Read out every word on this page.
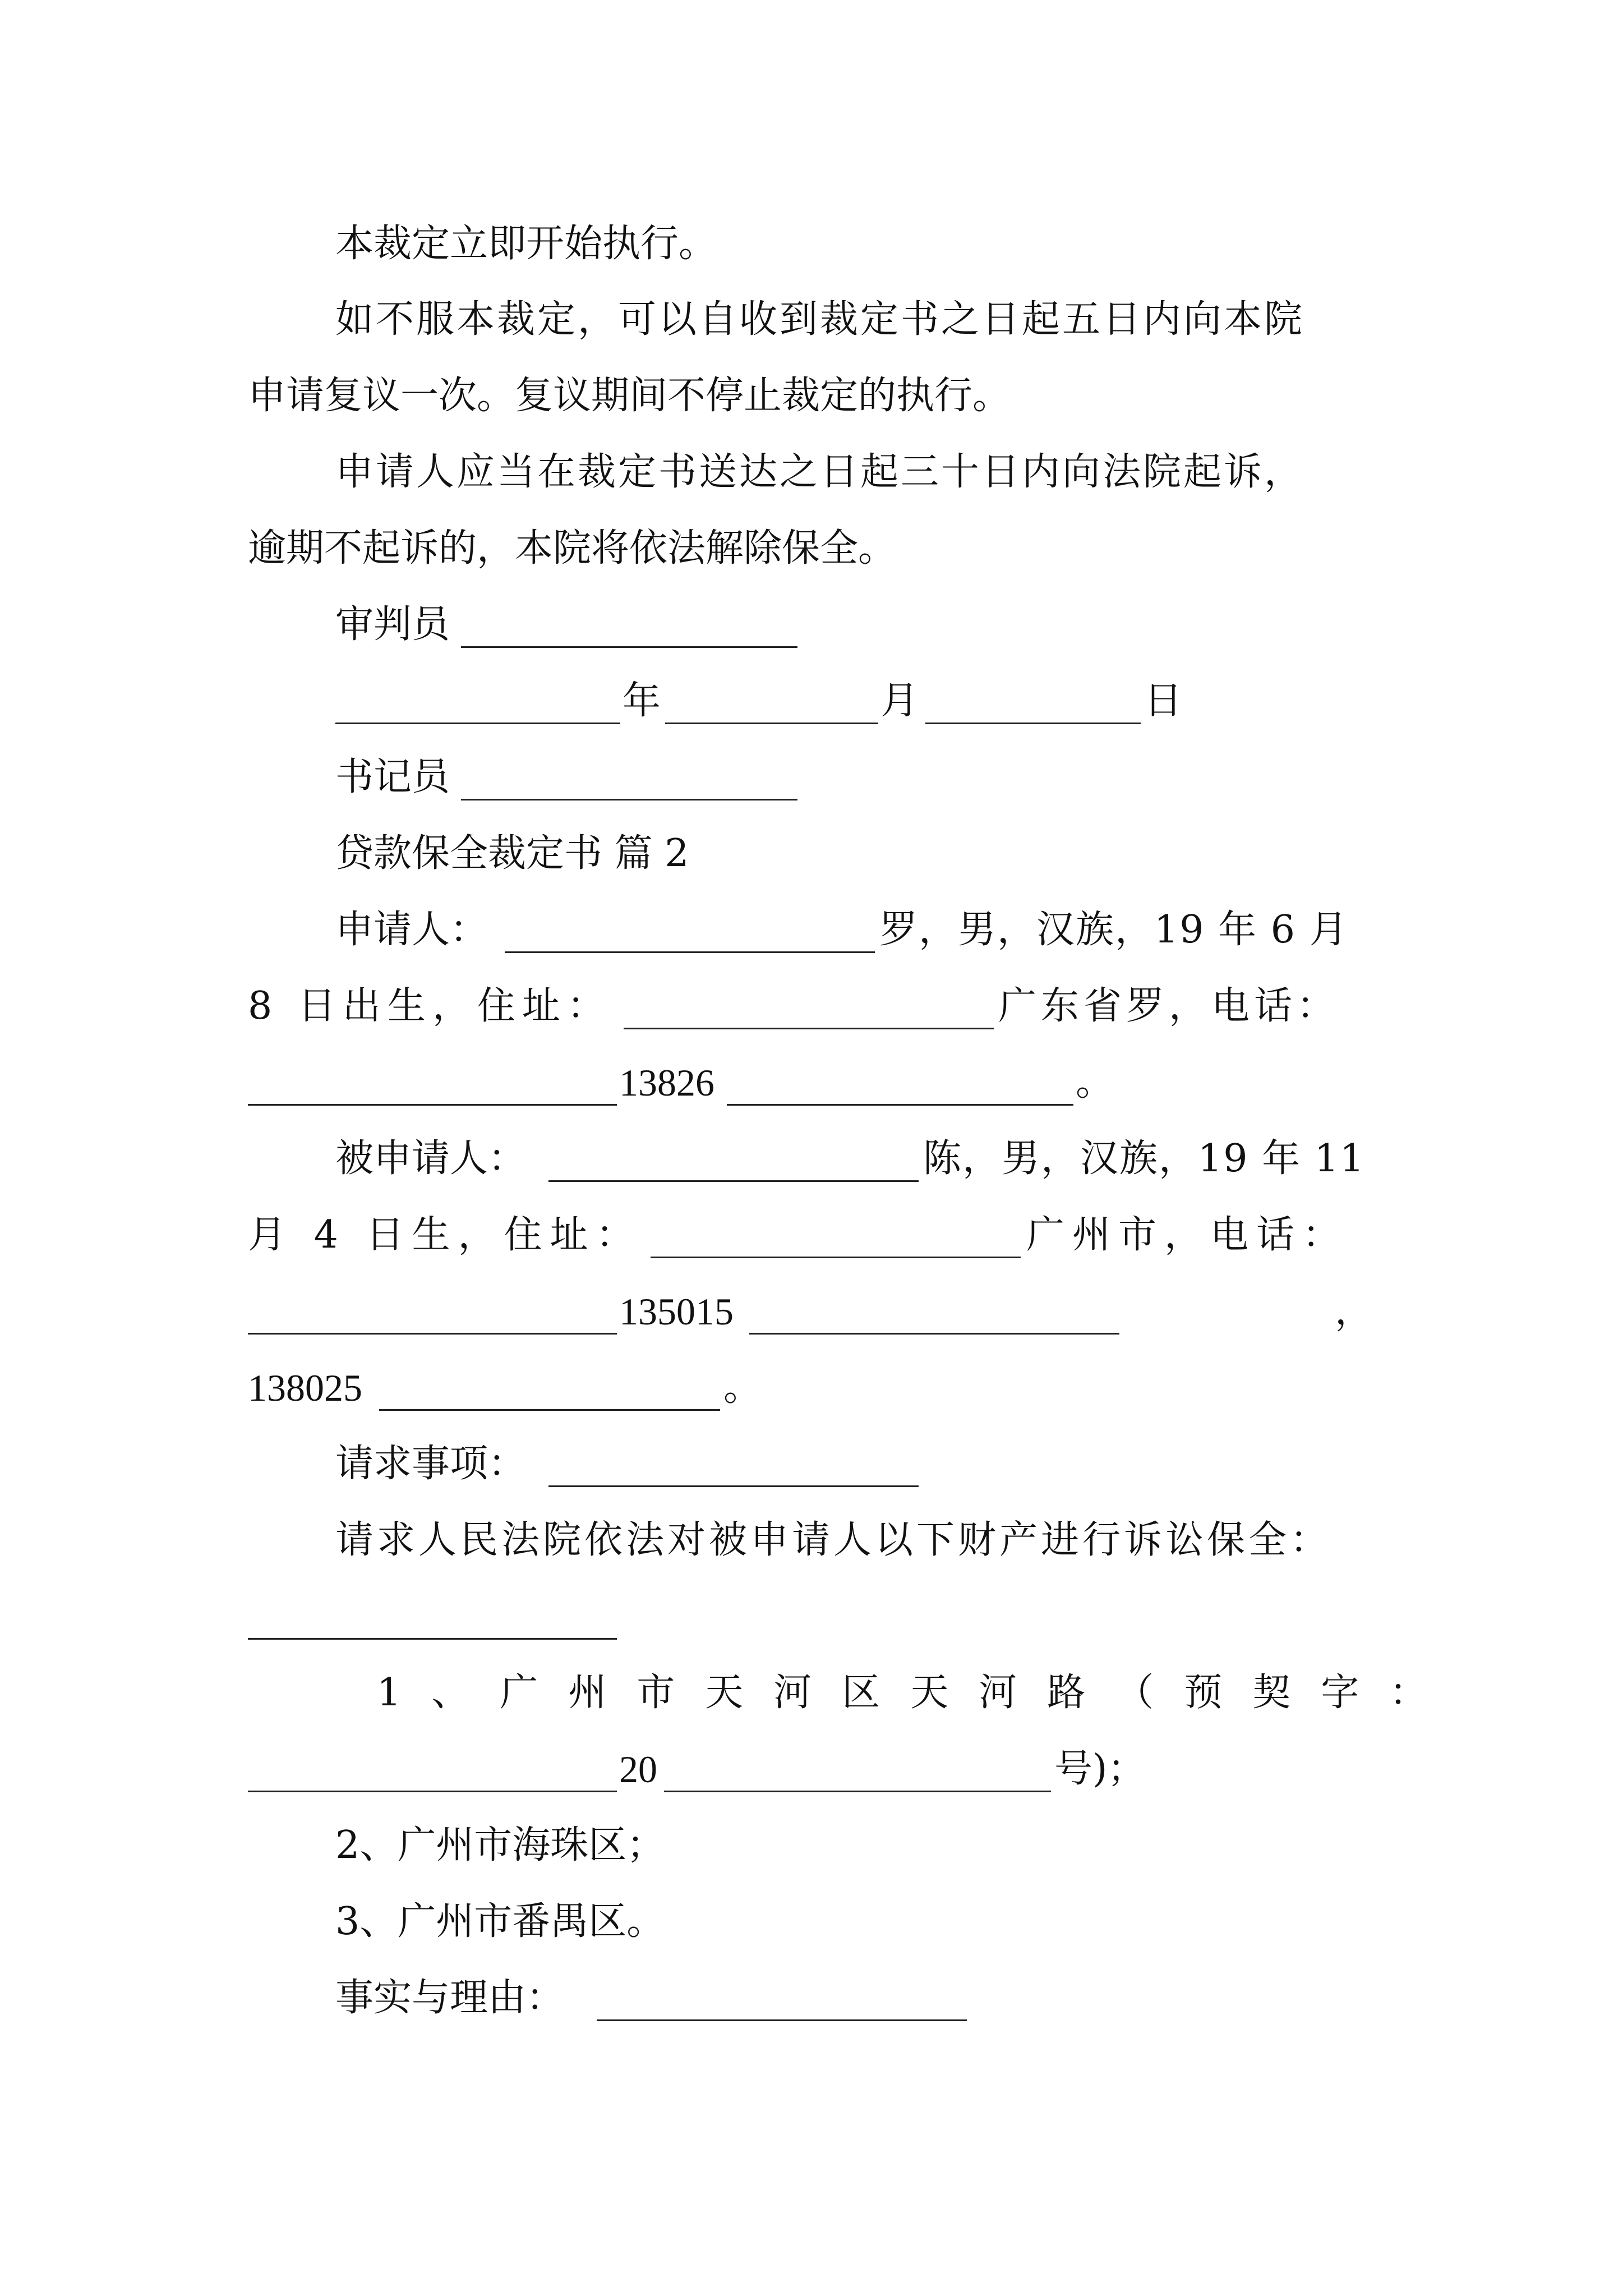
本裁定立即开始执行。
如不服本裁定，可以自收到裁定书之日起五日内向本院
申请复议一次。复议期间不停止裁定的执行。
申请人应当在裁定书送达之日起三十日内向法院起诉，
逾期不起诉的，本院将依法解除保全。
审判员
年	月	日
书记员
贷款保全裁定书 篇 2
申请人：	罗，男，汉族，19 年 6 月
8 日出生，住址：	广东省罗，电话：
13826	。
被申请人：	陈，男，汉族，19 年 11
月 4 日生，住址：	广州市，电话：
135015	，
138025	。
请求事项：
请求人民法院依法对被申请人以下财产进行诉讼保全：
1、广州市天河区天河路（预契字：
20	号)；
2、广州市海珠区；
3、广州市番禺区。
事实与理由：
